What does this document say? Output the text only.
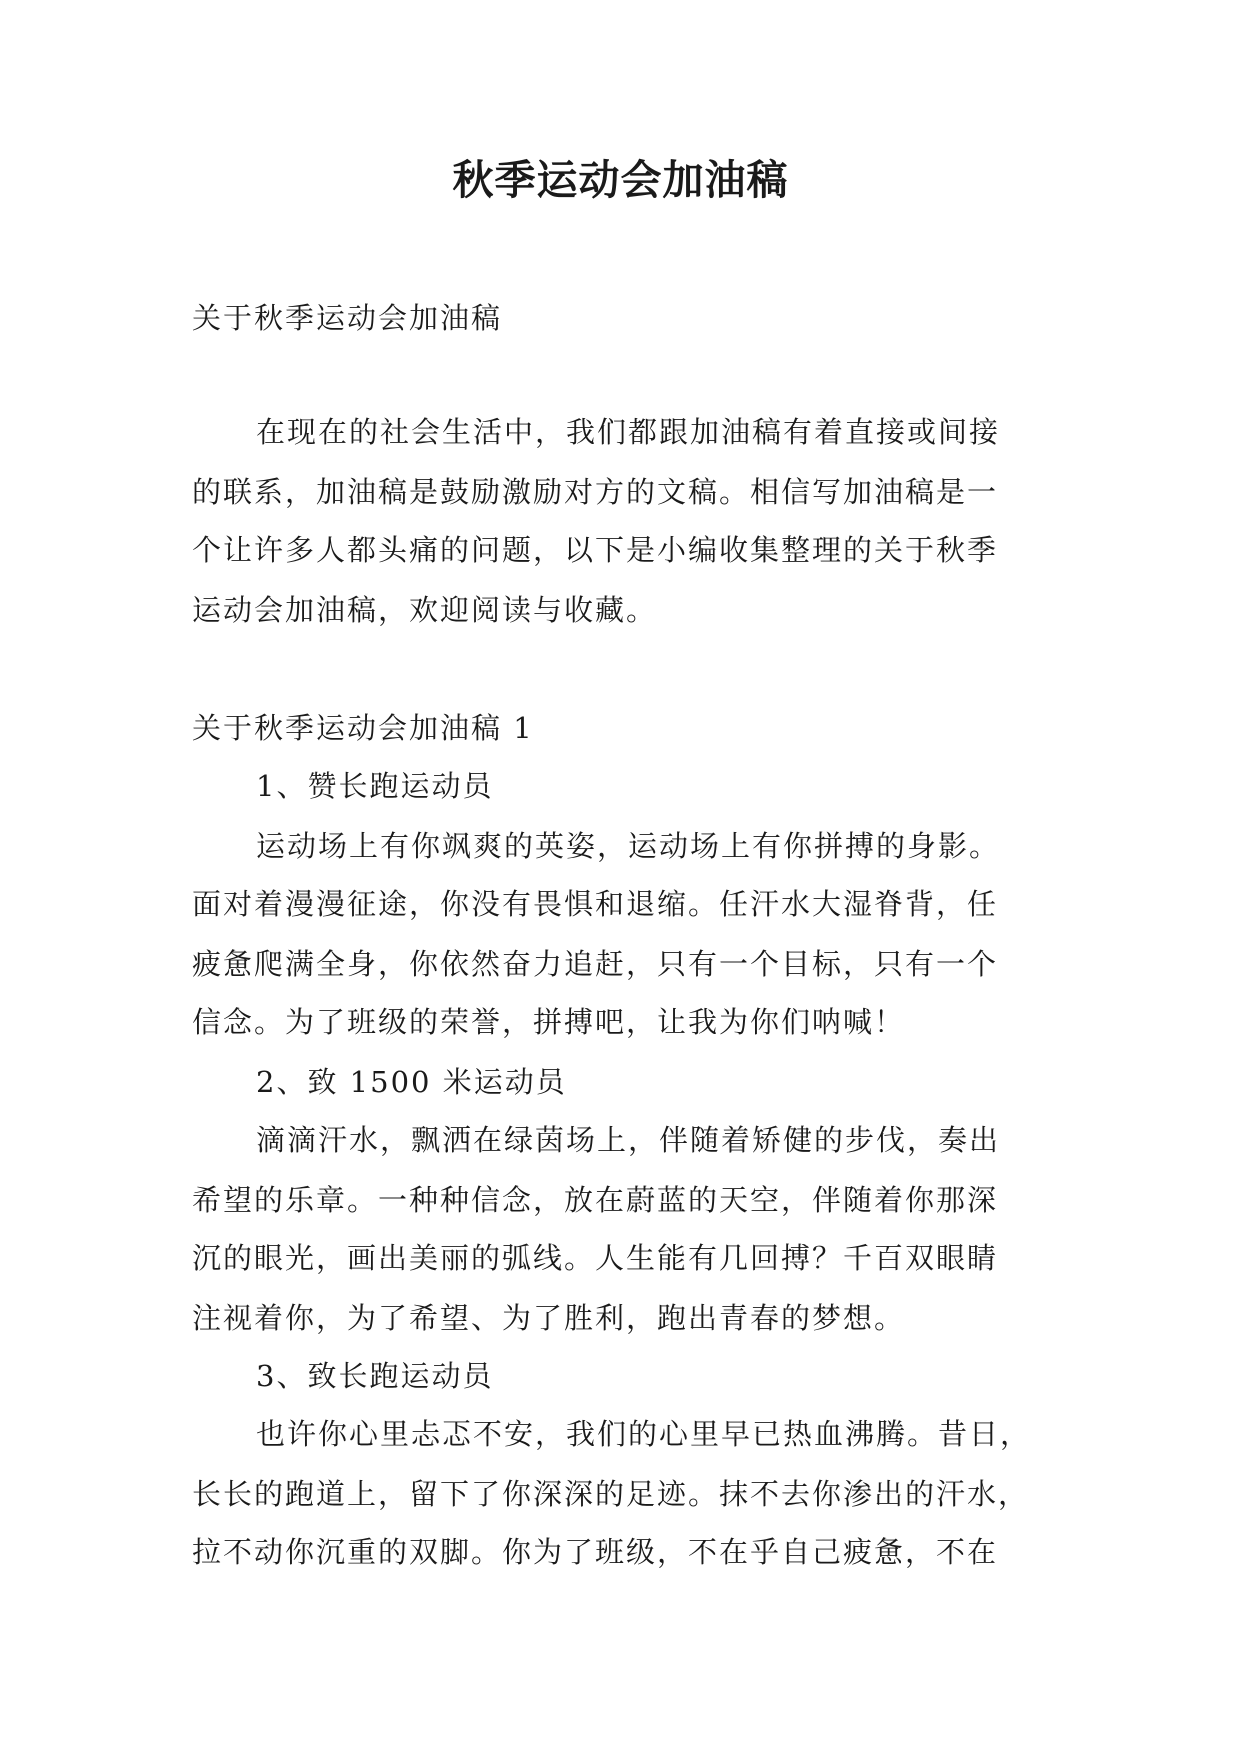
秋季运动会加油稿

关于秋季运动会加油稿

在现在的社会生活中，我们都跟加油稿有着直接或间接

的联系，加油稿是鼓励激励对方的文稿。相信写加油稿是一

个让许多人都头痛的问题，以下是小编收集整理的关于秋季

运动会加油稿，欢迎阅读与收藏。

关于秋季运动会加油稿 1

1、赞长跑运动员

运动场上有你飒爽的英姿，运动场上有你拼搏的身影。

面对着漫漫征途，你没有畏惧和退缩。任汗水大湿脊背，任

疲惫爬满全身，你依然奋力追赶，只有一个目标，只有一个

信念。为了班级的荣誉，拼搏吧，让我为你们呐喊！

2、致 1500 米运动员

滴滴汗水，飘洒在绿茵场上，伴随着矫健的步伐，奏出

希望的乐章。一种种信念，放在蔚蓝的天空，伴随着你那深

沉的眼光，画出美丽的弧线。人生能有几回搏？千百双眼睛

注视着你，为了希望、为了胜利，跑出青春的梦想。

3、致长跑运动员

也许你心里忐忑不安，我们的心里早已热血沸腾。昔日，

长长的跑道上，留下了你深深的足迹。抹不去你渗出的汗水，

拉不动你沉重的双脚。你为了班级，不在乎自己疲惫，不在
